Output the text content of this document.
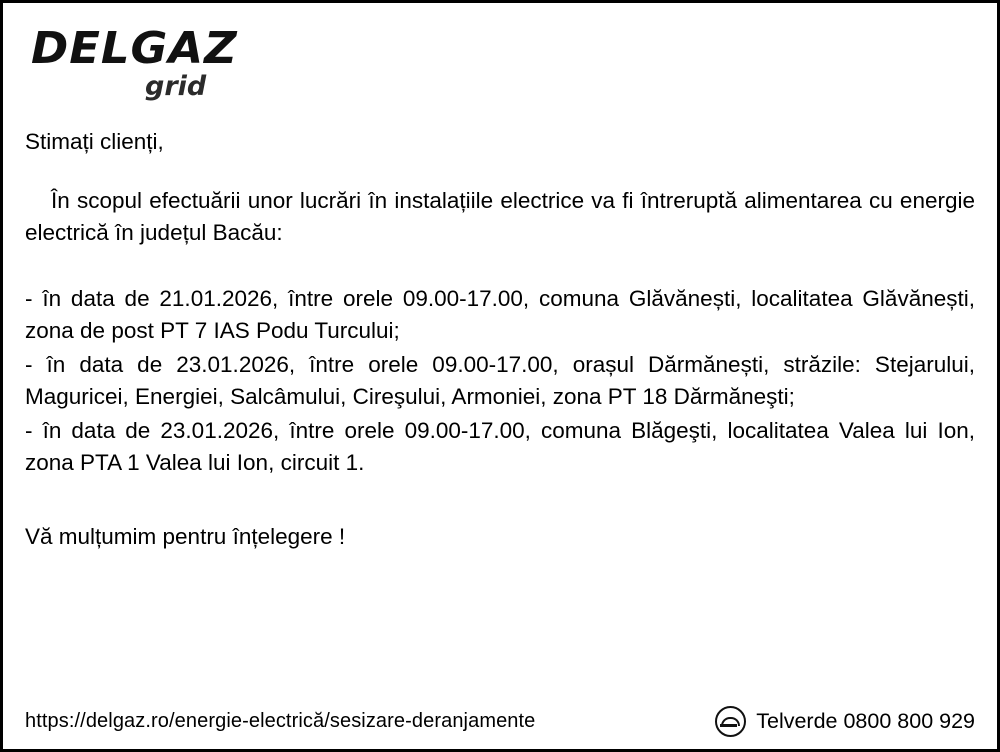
DELGAZ
grid

Stimați clienți,

În scopul efectuării unor lucrări în instalațiile electrice va fi întreruptă alimentarea cu energie electrică în județul Bacău:

- în data de 21.01.2026, între orele 09.00-17.00, comuna Glăvănești, localitatea Glăvănești, zona de post PT 7 IAS Podu Turcului;
- în data de 23.01.2026, între orele 09.00-17.00, orașul Dărmănești, străzile: Stejarului, Maguricei, Energiei, Salcâmului, Cireşului, Armoniei, zona PT 18 Dărmăneşti;
- în data de 23.01.2026, între orele 09.00-17.00, comuna Blăgeşti, localitatea Valea lui Ion, zona PTA 1 Valea lui Ion, circuit 1.

Vă mulțumim pentru înțelegere !

https://delgaz.ro/energie-electrică/sesizare-deranjamente	Telverde 0800 800 929
